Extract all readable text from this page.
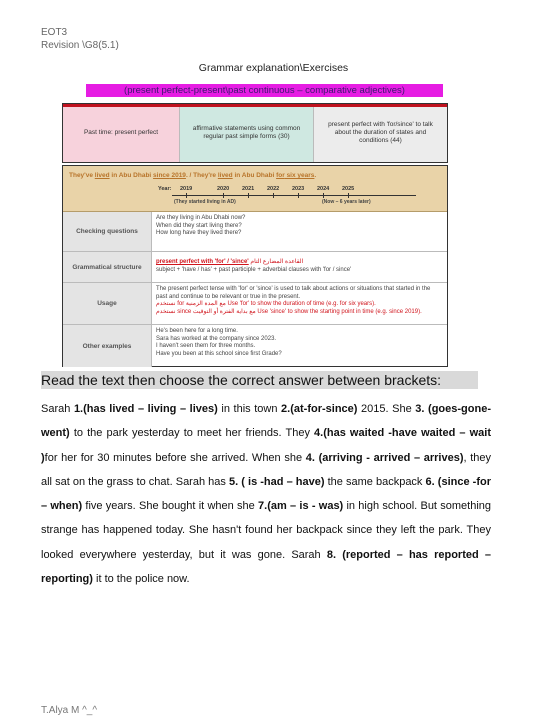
EOT3
Revision \G8(5.1)
Grammar explanation\Exercises
(present perfect-present\past continuous – comparative adjectives)
Past time: present perfect
affirmative statements using common regular past simple forms (30)
present perfect with 'for/since' to talk about the duration of states and conditions (44)
They've lived in Abu Dhabi since 2019. / They're lived in Abu Dhabi for six years.
Year: 2019	2020 2021 2022 2023 2024 2025
(They started living in AD)	(Now – 6 years later)
Checking questions
Are they living in Abu Dhabi now?
When did they start living there?
How long have they lived there?
Grammatical structure
present perfect with 'for' / 'since' القاعدة المضارع التام
subject + 'have / has' + past participle + adverbial clauses with 'for / since'
Usage
The present perfect tense with 'for' or 'since' is used to talk about actions or situations that started in the past and continue to be relevant or true in the present.
نستخدم for مع المدة الزمنية Use 'for' to show the duration of time (e.g. for six years).
نستخدم since مع بداية الفترة أو التوقيت Use 'since' to show the starting point in time (e.g. since 2019).
Other examples
He's been here for a long time.
Sara has worked at the company since 2023.
I haven't seen them for three months.
Have you been at this school since first Grade?
Read the text then choose the correct answer between brackets:
Sarah 1.(has lived – living – lives) in this town 2.(at-for-since) 2015. She 3. (goes-gone-went) to the park yesterday to meet her friends. They 4.(has waited -have waited – wait )for her for 30 minutes before she arrived. When she 4. (arriving - arrived – arrives), they all sat on the grass to chat. Sarah has 5. ( is -had – have) the same backpack 6. (since -for – when) five years. She bought it when she 7.(am – is - was) in high school. But something strange has happened today. She hasn't found her backpack since they left the park. They looked everywhere yesterday, but it was gone. Sarah 8. (reported – has reported – reporting) it to the police now.
T.Alya M ^_^
